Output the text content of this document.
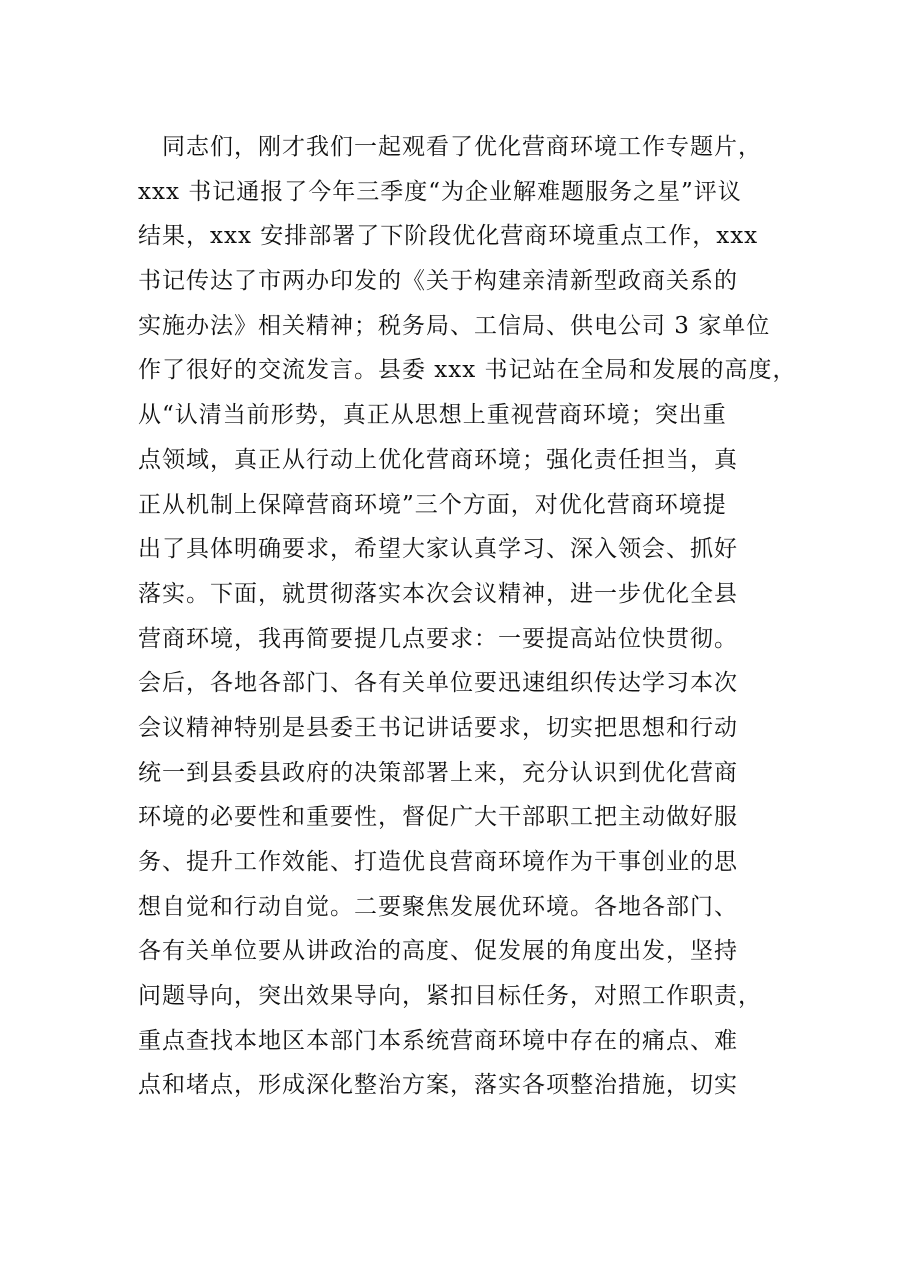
　同志们，刚才我们一起观看了优化营商环境工作专题片，
xxx 书记通报了今年三季度“为企业解难题服务之星”评议
结果，xxx 安排部署了下阶段优化营商环境重点工作，xxx
书记传达了市两办印发的《关于构建亲清新型政商关系的
实施办法》相关精神；税务局、工信局、供电公司 3 家单位
作了很好的交流发言。县委 xxx 书记站在全局和发展的高度，
从“认清当前形势，真正从思想上重视营商环境；突出重
点领域，真正从行动上优化营商环境；强化责任担当，真
正从机制上保障营商环境”三个方面，对优化营商环境提
出了具体明确要求，希望大家认真学习、深入领会、抓好
落实。下面，就贯彻落实本次会议精神，进一步优化全县
营商环境，我再简要提几点要求：一要提高站位快贯彻。
会后，各地各部门、各有关单位要迅速组织传达学习本次
会议精神特别是县委王书记讲话要求，切实把思想和行动
统一到县委县政府的决策部署上来，充分认识到优化营商
环境的必要性和重要性，督促广大干部职工把主动做好服
务、提升工作效能、打造优良营商环境作为干事创业的思
想自觉和行动自觉。二要聚焦发展优环境。各地各部门、
各有关单位要从讲政治的高度、促发展的角度出发，坚持
问题导向，突出效果导向，紧扣目标任务，对照工作职责，
重点查找本地区本部门本系统营商环境中存在的痛点、难
点和堵点，形成深化整治方案，落实各项整治措施，切实
